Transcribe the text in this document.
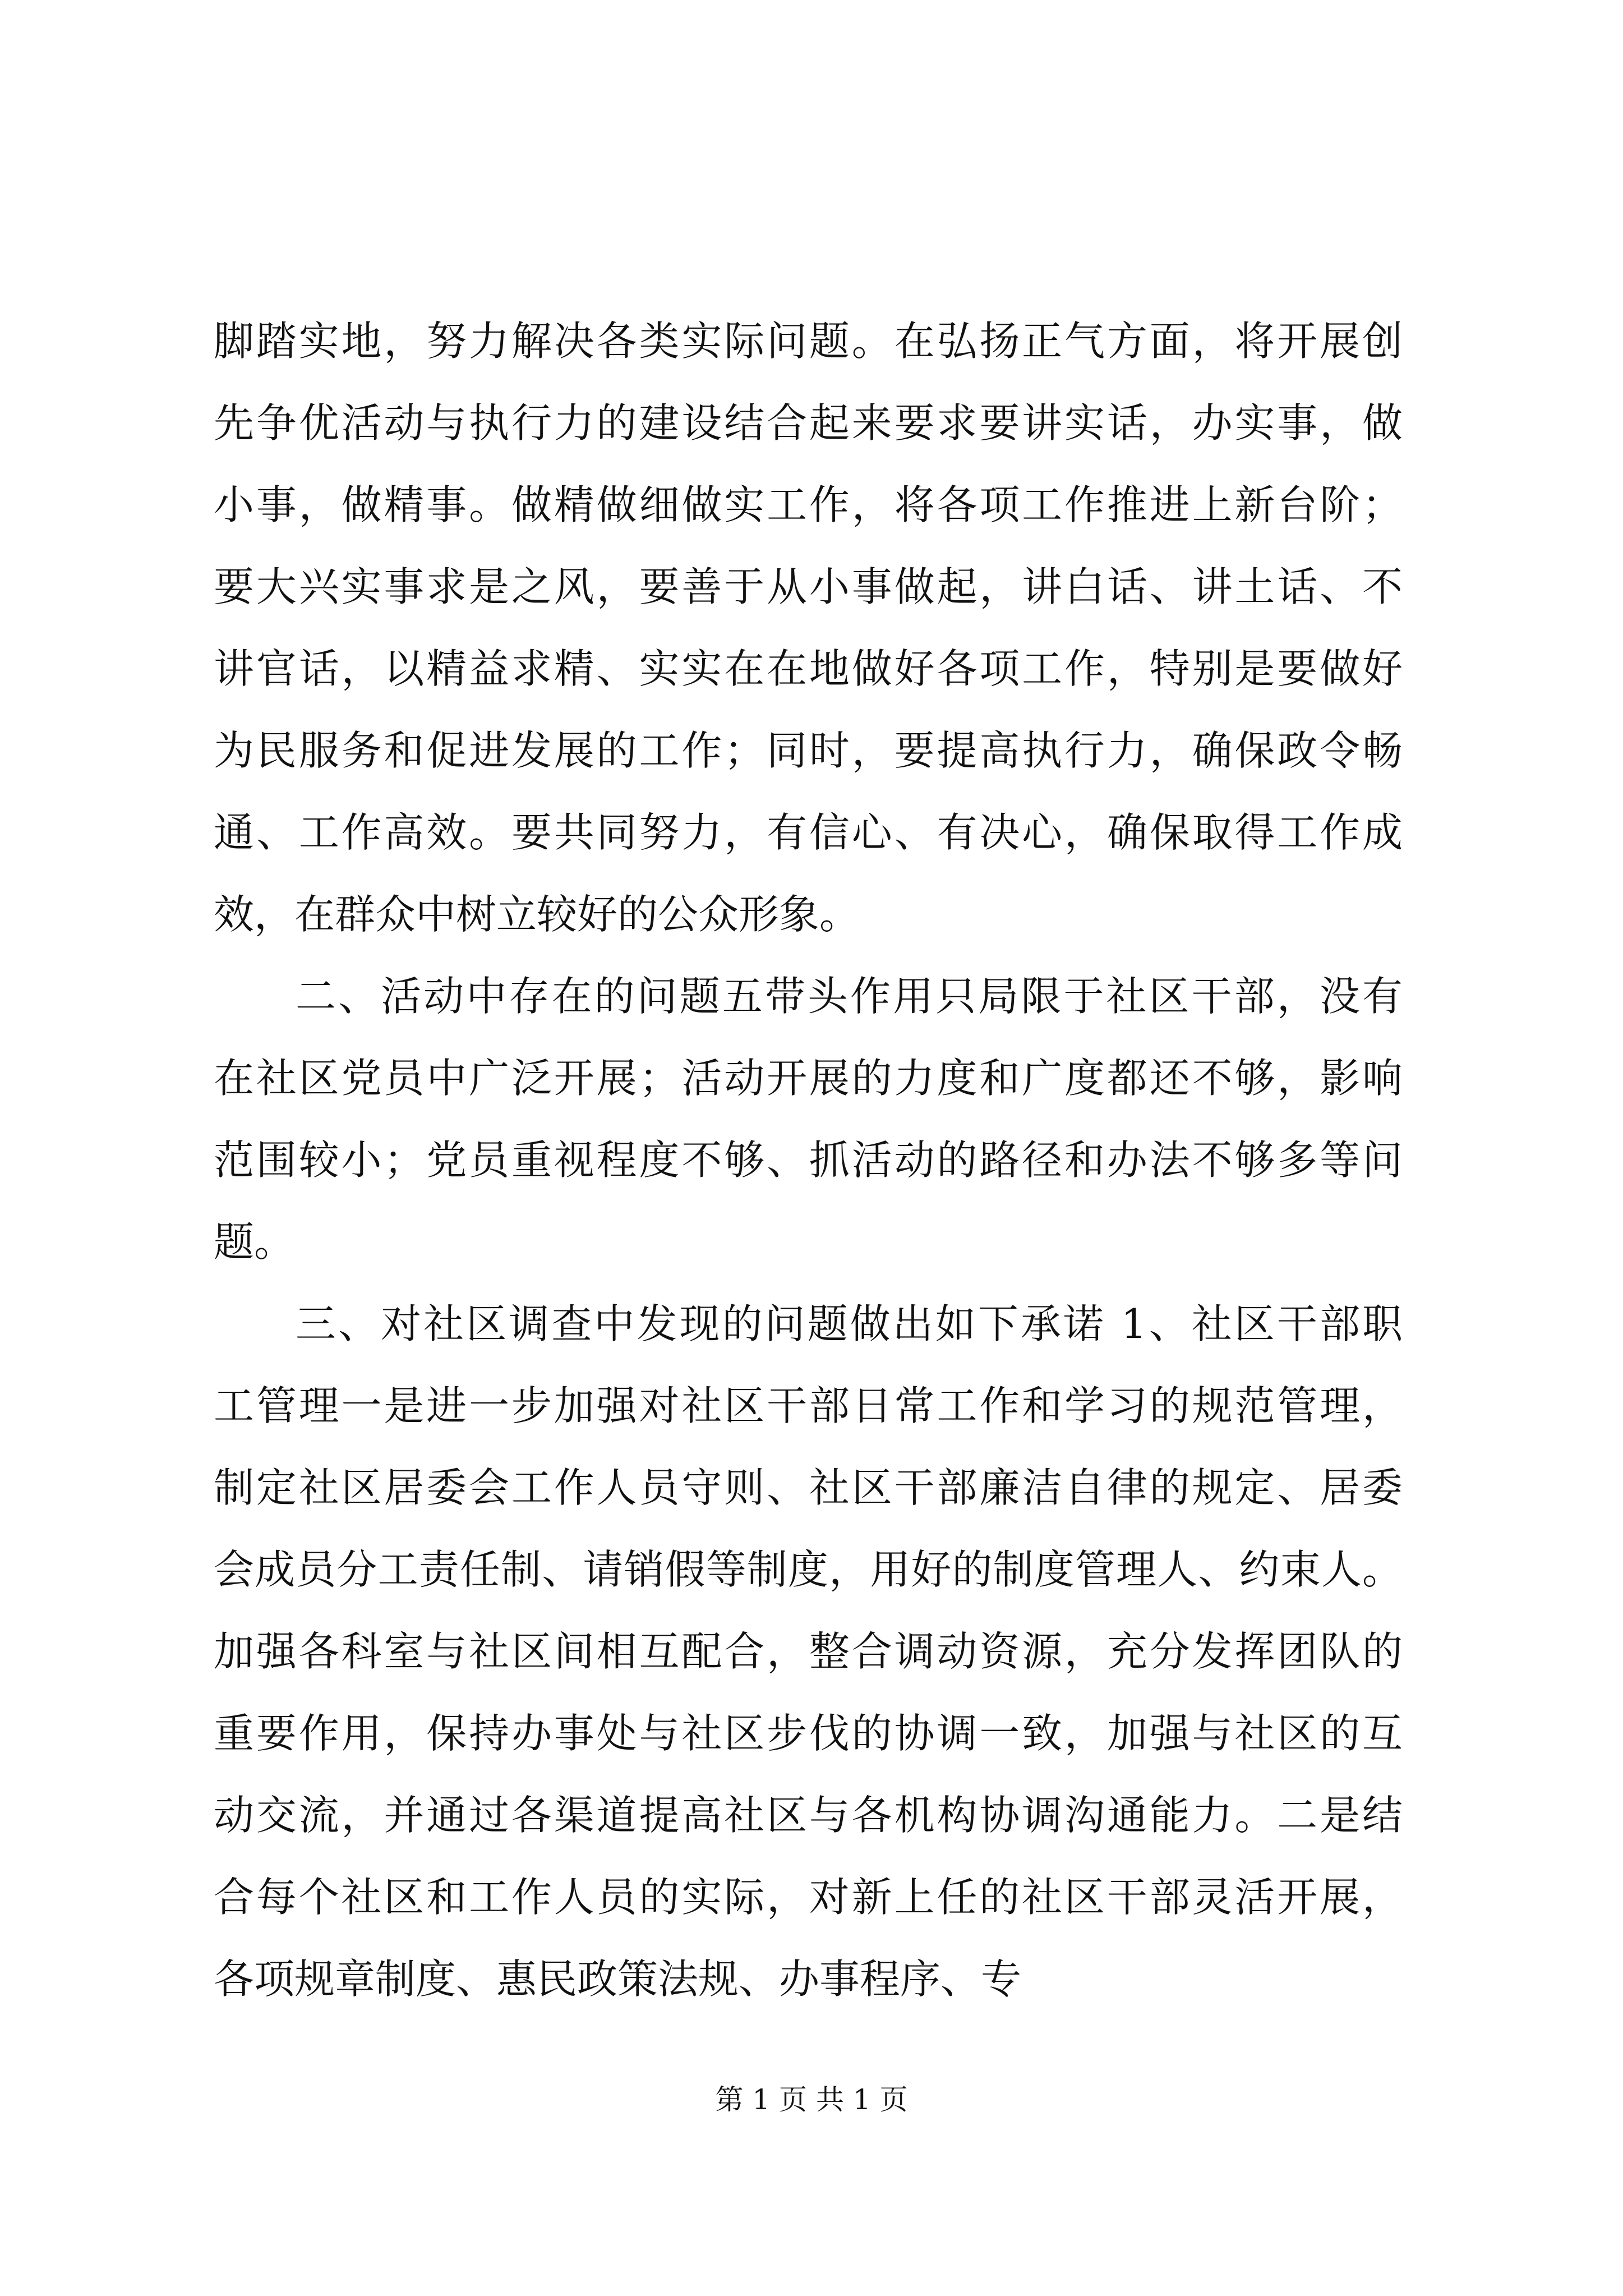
脚踏实地，努力解决各类实际问题。在弘扬正气方面，将开展创
先争优活动与执行力的建设结合起来要求要讲实话，办实事，做
小事，做精事。做精做细做实工作，将各项工作推进上新台阶；
要大兴实事求是之风，要善于从小事做起，讲白话、讲土话、不
讲官话，以精益求精、实实在在地做好各项工作，特别是要做好
为民服务和促进发展的工作；同时，要提高执行力，确保政令畅
通、工作高效。要共同努力，有信心、有决心，确保取得工作成
效，在群众中树立较好的公众形象。
二、活动中存在的问题五带头作用只局限于社区干部，没有
在社区党员中广泛开展；活动开展的力度和广度都还不够，影响
范围较小；党员重视程度不够、抓活动的路径和办法不够多等问
题。
三、对社区调查中发现的问题做出如下承诺 1、社区干部职
工管理一是进一步加强对社区干部日常工作和学习的规范管理，
制定社区居委会工作人员守则、社区干部廉洁自律的规定、居委
会成员分工责任制、请销假等制度，用好的制度管理人、约束人。
加强各科室与社区间相互配合，整合调动资源，充分发挥团队的
重要作用，保持办事处与社区步伐的协调一致，加强与社区的互
动交流，并通过各渠道提高社区与各机构协调沟通能力。二是结
合每个社区和工作人员的实际，对新上任的社区干部灵活开展，
各项规章制度、惠民政策法规、办事程序、专
第 1 页 共 1 页
